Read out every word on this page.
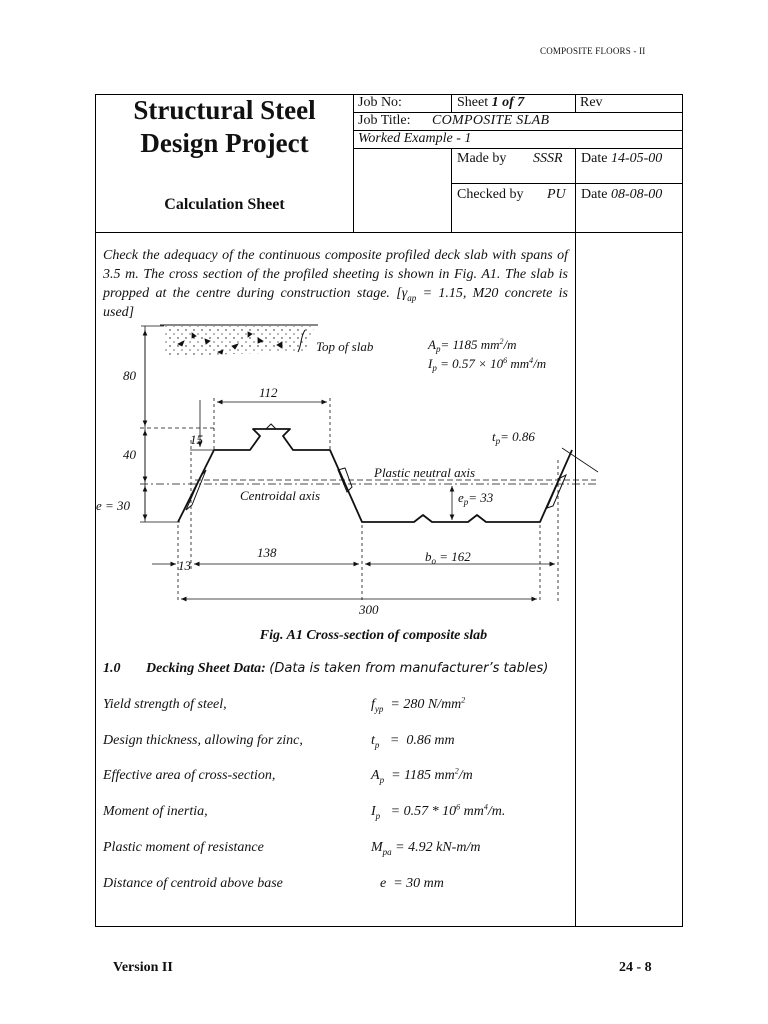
COMPOSITE FLOORS - II
Structural Steel
Design Project
Calculation Sheet
Job No:	Sheet 1 of 7	Rev
Job Title: COMPOSITE SLAB
Worked Example - 1
Made by SSSR Date 14-05-00
Checked by PU Date 08-08-00
Check the adequacy of the continuous composite profiled deck slab with spans of 3.5 m. The cross section of the profiled sheeting is shown in Fig. A1. The slab is propped at the centre during construction stage. [$\gamma_{ap} = 1.15$, M20 concrete is used]
Top of slab	$A_p= 1185$ $mm^2/m$
$I_p = 0.57 \times 10^6$ $mm^4/m$
80
40
e = 30
15
112
$t_p= 0.86$
Plastic neutral axis
Centroidal axis	$e_p= 33$
138
13
$b_o = 162$
300
Fig. A1 Cross-section of composite slab
1.0 Decking Sheet Data: (Data is taken from manufacturer’s tables)
Yield strength of steel,	$f_{yp} = 280$ $N/mm^2$
Design thickness, allowing for zinc,	$t_p = 0.86$ mm
Effective area of cross-section,	$A_p = 1185$ $mm^2/m$
Moment of inertia,	$I_p = 0.57 * 10^6$ $mm^4/m$.
Plastic moment of resistance	$M_{pa} = 4.92$ kN-m/m
Distance of centroid above base	e  = 30 mm
Version II	24 - 8
